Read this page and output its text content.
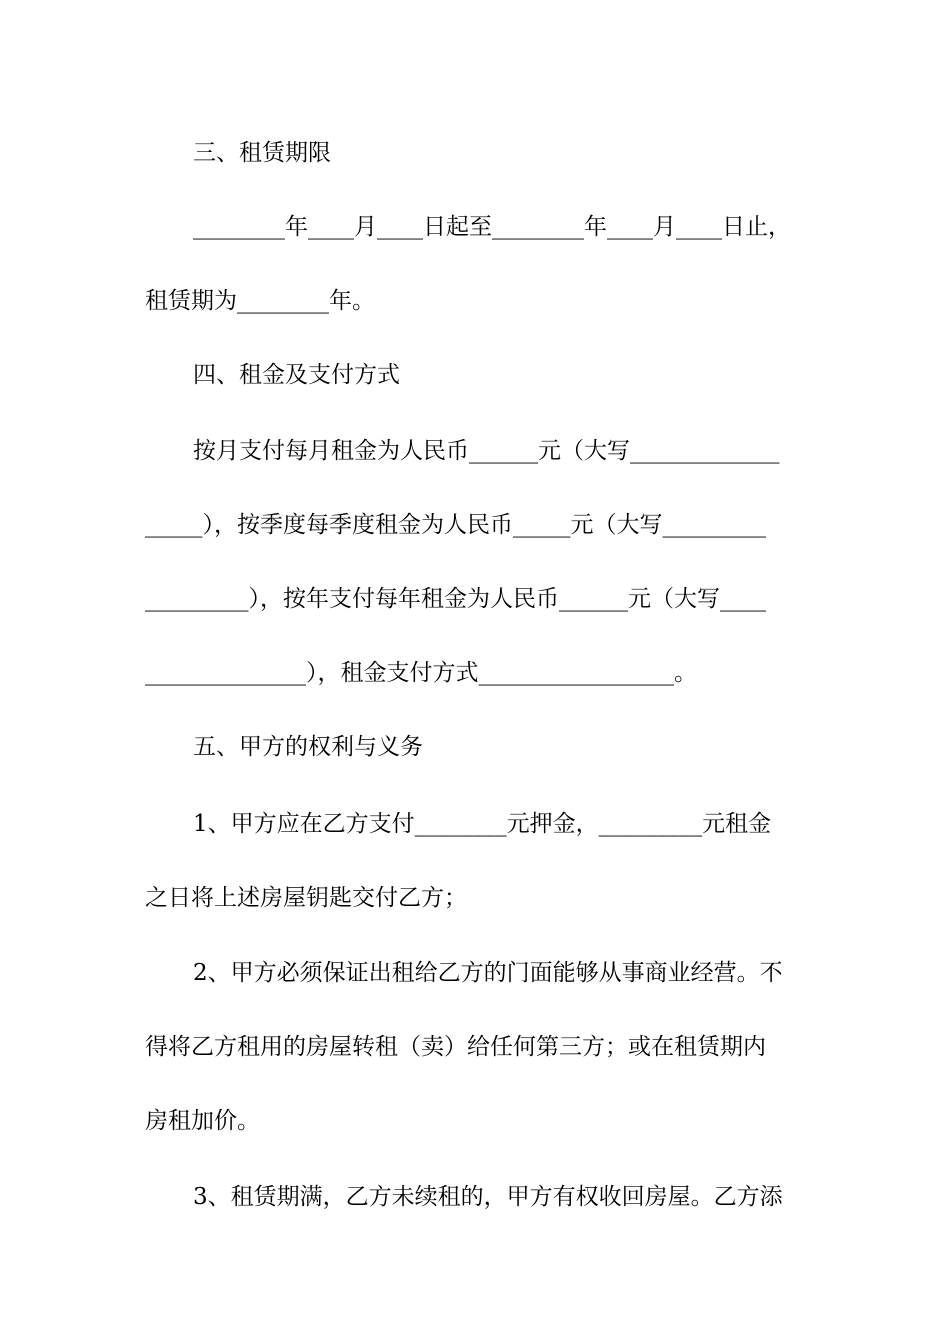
三、租赁期限
________年____月____日起至________年____月____日止，
租赁期为________年。
四、租金及支付方式
按月支付每月租金为人民币______元（大写_____________
_____），按季度每季度租金为人民币_____元（大写_________
_________），按年支付每年租金为人民币______元（大写____
______________），租金支付方式_________________。
五、甲方的权利与义务
1、甲方应在乙方支付________元押金，_________元租金
之日将上述房屋钥匙交付乙方；
2、甲方必须保证出租给乙方的门面能够从事商业经营。不
得将乙方租用的房屋转租（卖）给任何第三方；或在租赁期内
房租加价。
3、租赁期满，乙方未续租的，甲方有权收回房屋。乙方添
